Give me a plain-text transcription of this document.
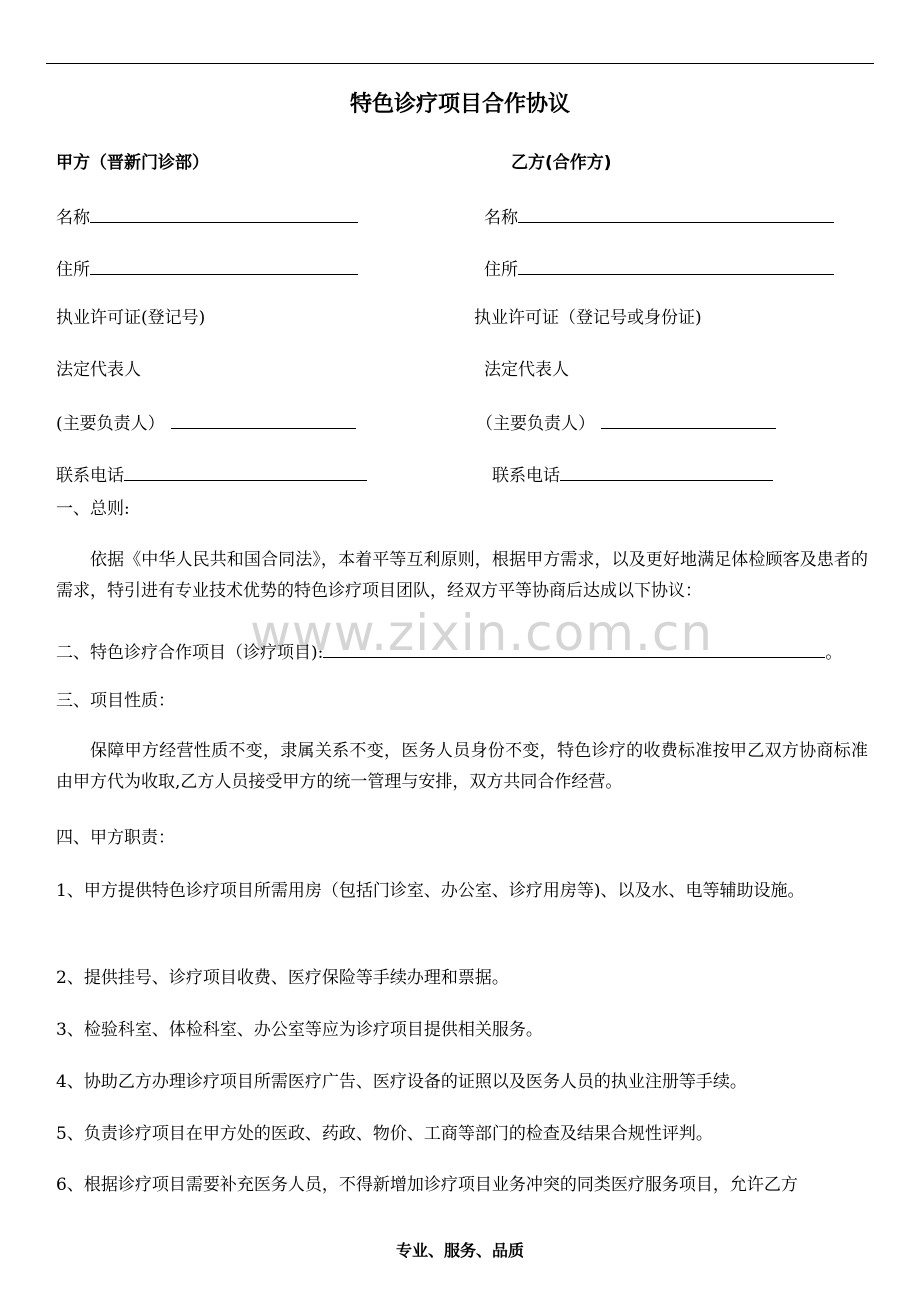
特色诊疗项目合作协议
甲方（晋新门诊部）	乙方(合作方)
名称
住所
执业许可证(登记号)
法定代表人
(主要负责人）
联系电话
名称
住所
执业许可证（登记号或身份证)
法定代表人
（主要负责人）
联系电话
一、总则:
依据《中华人民共和国合同法》，本着平等互利原则，根据甲方需求，以及更好地满足体检顾客及患者的需求，特引进有专业技术优势的特色诊疗项目团队，经双方平等协商后达成以下协议：
www.zixin.com.cn
二、特色诊疗合作项目（诊疗项目):	。
三、项目性质：
保障甲方经营性质不变，隶属关系不变，医务人员身份不变，特色诊疗的收费标准按甲乙双方协商标准由甲方代为收取,乙方人员接受甲方的统一管理与安排，双方共同合作经营。
四、甲方职责：
1、甲方提供特色诊疗项目所需用房（包括门诊室、办公室、诊疗用房等)、以及水、电等辅助设施。
2、提供挂号、诊疗项目收费、医疗保险等手续办理和票据。
3、检验科室、体检科室、办公室等应为诊疗项目提供相关服务。
4、协助乙方办理诊疗项目所需医疗广告、医疗设备的证照以及医务人员的执业注册等手续。
5、负责诊疗项目在甲方处的医政、药政、物价、工商等部门的检查及结果合规性评判。
6、根据诊疗项目需要补充医务人员，不得新增加诊疗项目业务冲突的同类医疗服务项目，允许乙方
专业、服务、品质
